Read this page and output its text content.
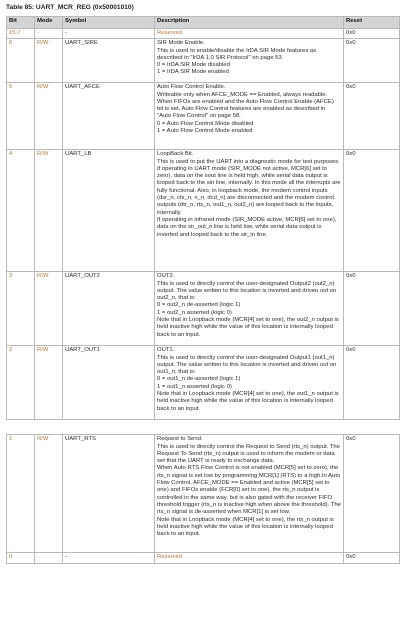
Table 85: UART_MCR_REG (0x50001010)
Bit	Mode	Symbol	Description	Reset
15:7	-	-	Reserved	0x0
6	R/W	UART_SIRE	SIR Mode Enable.
This is used to enable/disable the IrDA SIR Mode features as described in "IrDA 1.0 SIR Protocol" on page 53.
0 = IrDA SIR Mode disabled
1 = IrDA SIR Mode enabled	0x0
5	R/W	UART_AFCE	Auto Flow Control Enable.
Writeable only when AFCE_MODE == Enabled, always readable. When FIFOs are enabled and the Auto Flow Control Enable (AFCE) bit is set, Auto Flow Control features are enabled as described in "Auto Flow Control" on page 58.
0 = Auto Flow Control Mode disabled
1 = Auto Flow Control Mode enabled	0x0
4	R/W	UART_LB	LoopBack Bit.
This is used to put the UART into a diagnostic mode for test purposes.
If operating in UART mode (SIR_MODE not active, MCR[6] set to zero), data on the sout line is held high, while serial data output is looped back to the sin line, internally. In this mode all the interrupts are fully functional. Also, in loopback mode, the modem control inputs (dsr_n, cts_n, ri_n, dcd_n) are disconnected and the modem control outputs (dtr_n, rts_n, out1_n, out2_n) are looped back to the inputs, internally.
If operating in infrared mode (SIR_MODE active, MCR[6] set to one), data on the sir_out_n line is held low, while serial data output is inverted and looped back to the sir_in line.	0x0
3	R/W	UART_OUT2	OUT2.
This is used to directly control the user-designated Output2 (out2_n) output. The value written to this location is inverted and driven out on out2_n, that is:
0 = out2_n de-asserted (logic 1)
1 = out2_n asserted (logic 0)
Note that in Loopback mode (MCR[4] set to one), the out2_n output is held inactive high while the value of this location is internally looped back to an input.	0x0
2	R/W	UART_OUT1	OUT1.
This is used to directly control the user-designated Output1 (out1_n) output. The value written to this location is inverted and driven out on out1_n, that is:
0 = out1_n de-asserted (logic 1)
1 = out1_n asserted (logic 0)
Note that in Loopback mode (MCR[4] set to one), the out1_n output is held inactive high while the value of this location is internally looped back to an input.	0x0

1	R/W	UART_RTS	Request to Send.
This is used to directly control the Request to Send (rts_n) output. The Request To Send (rts_n) output is used to inform the modem or data set that the UART is ready to exchange data.
When Auto RTS Flow Control is not enabled (MCR[5] set to zero), the rts_n signal is set low by programming MCR[1] (RTS) to a high.In Auto Flow Control, AFCE_MODE == Enabled and active (MCR[5] set to one) and FIFOs enable (FCR[0] set to one), the rts_n output is controlled in the same way, but is also gated with the receiver FIFO threshold trigger (rts_n is inactive high when above the threshold). The rts_n signal is de-asserted when MCR[1] is set low.
Note that in Loopback mode (MCR[4] set to one), the rts_n output is held inactive high while the value of this location is internally looped back to an input.	0x0
0	-	-	Reserved	0x0
